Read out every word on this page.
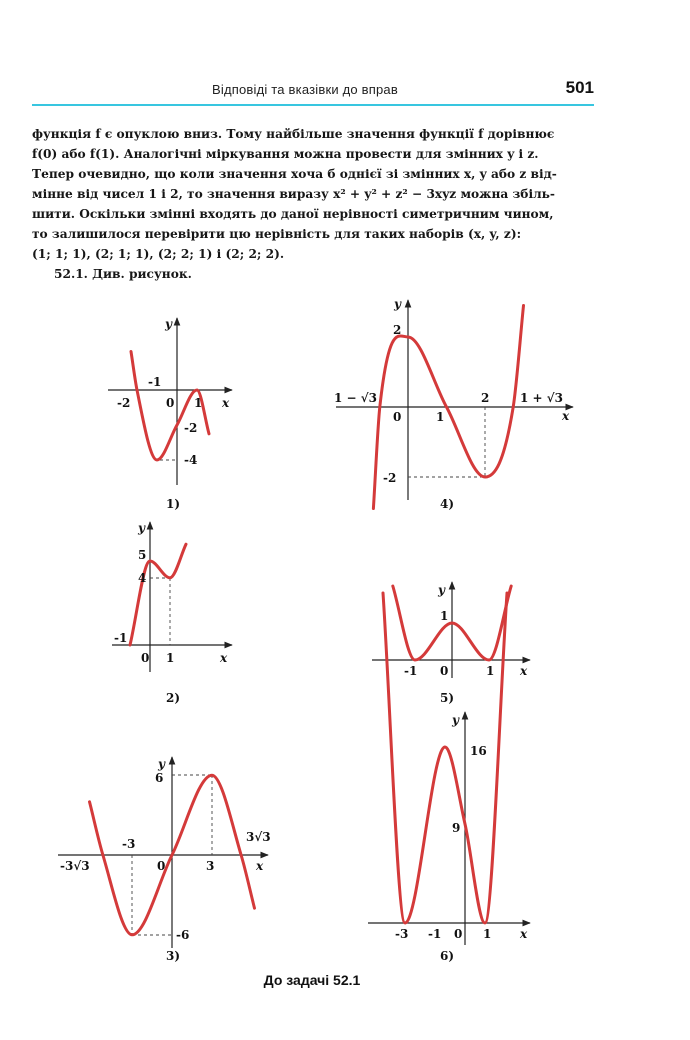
Відповіді та вказівки до вправ	501

функція f є опуклою вниз. Тому найбільше значення функції f дорівнює

f(0) або f(1). Аналогічні міркування можна провести для змінних y і z.

Тепер очевидно, що коли значення хоча б однієї зі змінних x, y або z від-

мінне від чисел 1 і 2, то значення виразу x² + y² + z² − 3xyz можна збіль-

шити. Оскільки змінні входять до даної нерівності симетричним чином,

то залишилося перевірити цю нерівність для таких наборів (x, y, z):

(1; 1; 1), (2; 1; 1), (2; 2; 1) і (2; 2; 2).

52.1. Див. рисунок.

x
y
-2
-1
0 1
-2
-4
1)
x
y
2
1 − √3
0	1
2	1 + √3
-2
4)
x
y
5
4
-1
0 1
2)
x
y
1
-1 0	1
5)
x
y
6
-3	3√3
-3√3	0	3
-6
3)
x
y
16
9
-3 -1 0 1
6)
До задачі 52.1
